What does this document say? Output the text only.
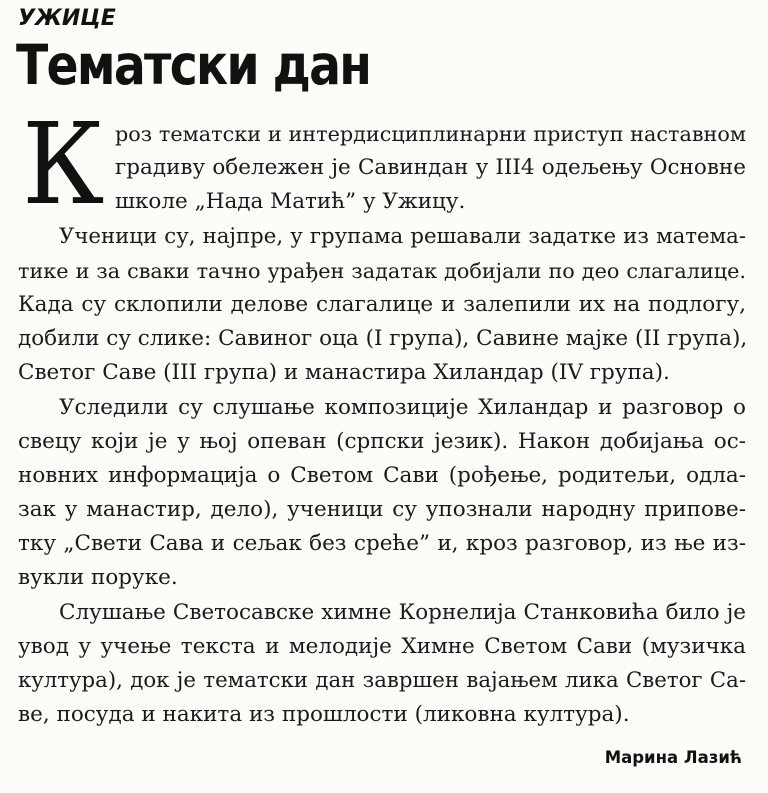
УЖИЦЕ
Тематски дан
К роз тематски и интердисциплинарни приступ наставном
градиву обележен је Савиндан у III4 одељењу Основне
школе „Нада Матић” у Ужицу.
Ученици су, најпре, у групама решавали задатке из матема-
тике и за сваки тачно урађен задатак добијали по део слагалице.
Када су склопили делове слагалице и залепили их на подлогу,
добили су слике: Савиног оца (I група), Савине мајке (II група),
Светог Саве (III група) и манастира Хиландар (IV група).
Уследили су слушање композиције Хиландар и разговор о
свецу који је у њој опеван (српски језик). Након добијања ос-
новних информација о Светом Сави (рођење, родитељи, одла-
зак у манастир, дело), ученици су упознали народну припове-
тку „Свети Сава и сељак без среће” и, кроз разговор, из ње из-
вукли поруке.
Слушање Светосавске химне Корнелија Станковића било је
увод у учење текста и мелодије Химне Светом Сави (музичка
култура), док је тематски дан завршен вајањем лика Светог Са-
ве, посуда и накита из прошлости (ликовна култура).
Марина Лазић
